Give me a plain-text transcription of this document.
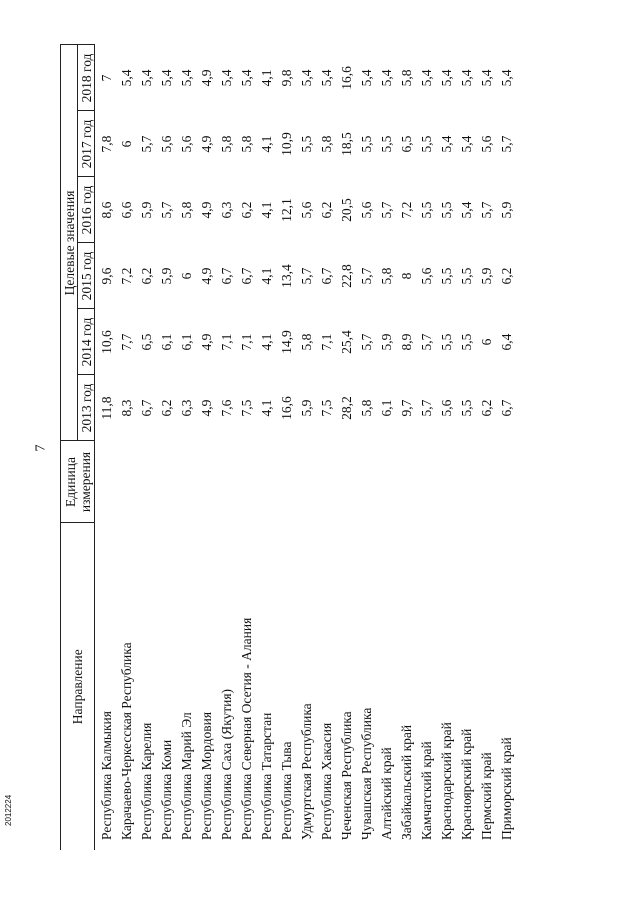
7
2012224
Направление	Единица
измерения	Целевые значения					
		2013 год	2014 год	2015 год	2016 год	2017 год	2018 год
Республика Калмыкия		11,8	10,6	9,6	8,6	7,8	7
Карачаево-Черкесская Республика		8,3	7,7	7,2	6,6	6	5,4
Республика Карелия		6,7	6,5	6,2	5,9	5,7	5,4
Республика Коми		6,2	6,1	5,9	5,7	5,6	5,4
Республика Марий Эл		6,3	6,1	6	5,8	5,6	5,4
Республика Мордовия		4,9	4,9	4,9	4,9	4,9	4,9
Республика Саха (Якутия)		7,6	7,1	6,7	6,3	5,8	5,4
Республика Северная Осетия - Алания		7,5	7,1	6,7	6,2	5,8	5,4
Республика Татарстан		4,1	4,1	4,1	4,1	4,1	4,1
Республика Тыва		16,6	14,9	13,4	12,1	10,9	9,8
Удмуртская Республика		5,9	5,8	5,7	5,6	5,5	5,4
Республика Хакасия		7,5	7,1	6,7	6,2	5,8	5,4
Чеченская Республика		28,2	25,4	22,8	20,5	18,5	16,6
Чувашская Республика		5,8	5,7	5,7	5,6	5,5	5,4
Алтайский край		6,1	5,9	5,8	5,7	5,5	5,4
Забайкальский край		9,7	8,9	8	7,2	6,5	5,8
Камчатский край		5,7	5,7	5,6	5,5	5,5	5,4
Краснодарский край		5,6	5,5	5,5	5,5	5,4	5,4
Красноярский край		5,5	5,5	5,5	5,4	5,4	5,4
Пермский край		6,2	6	5,9	5,7	5,6	5,4
Приморский край		6,7	6,4	6,2	5,9	5,7	5,4
